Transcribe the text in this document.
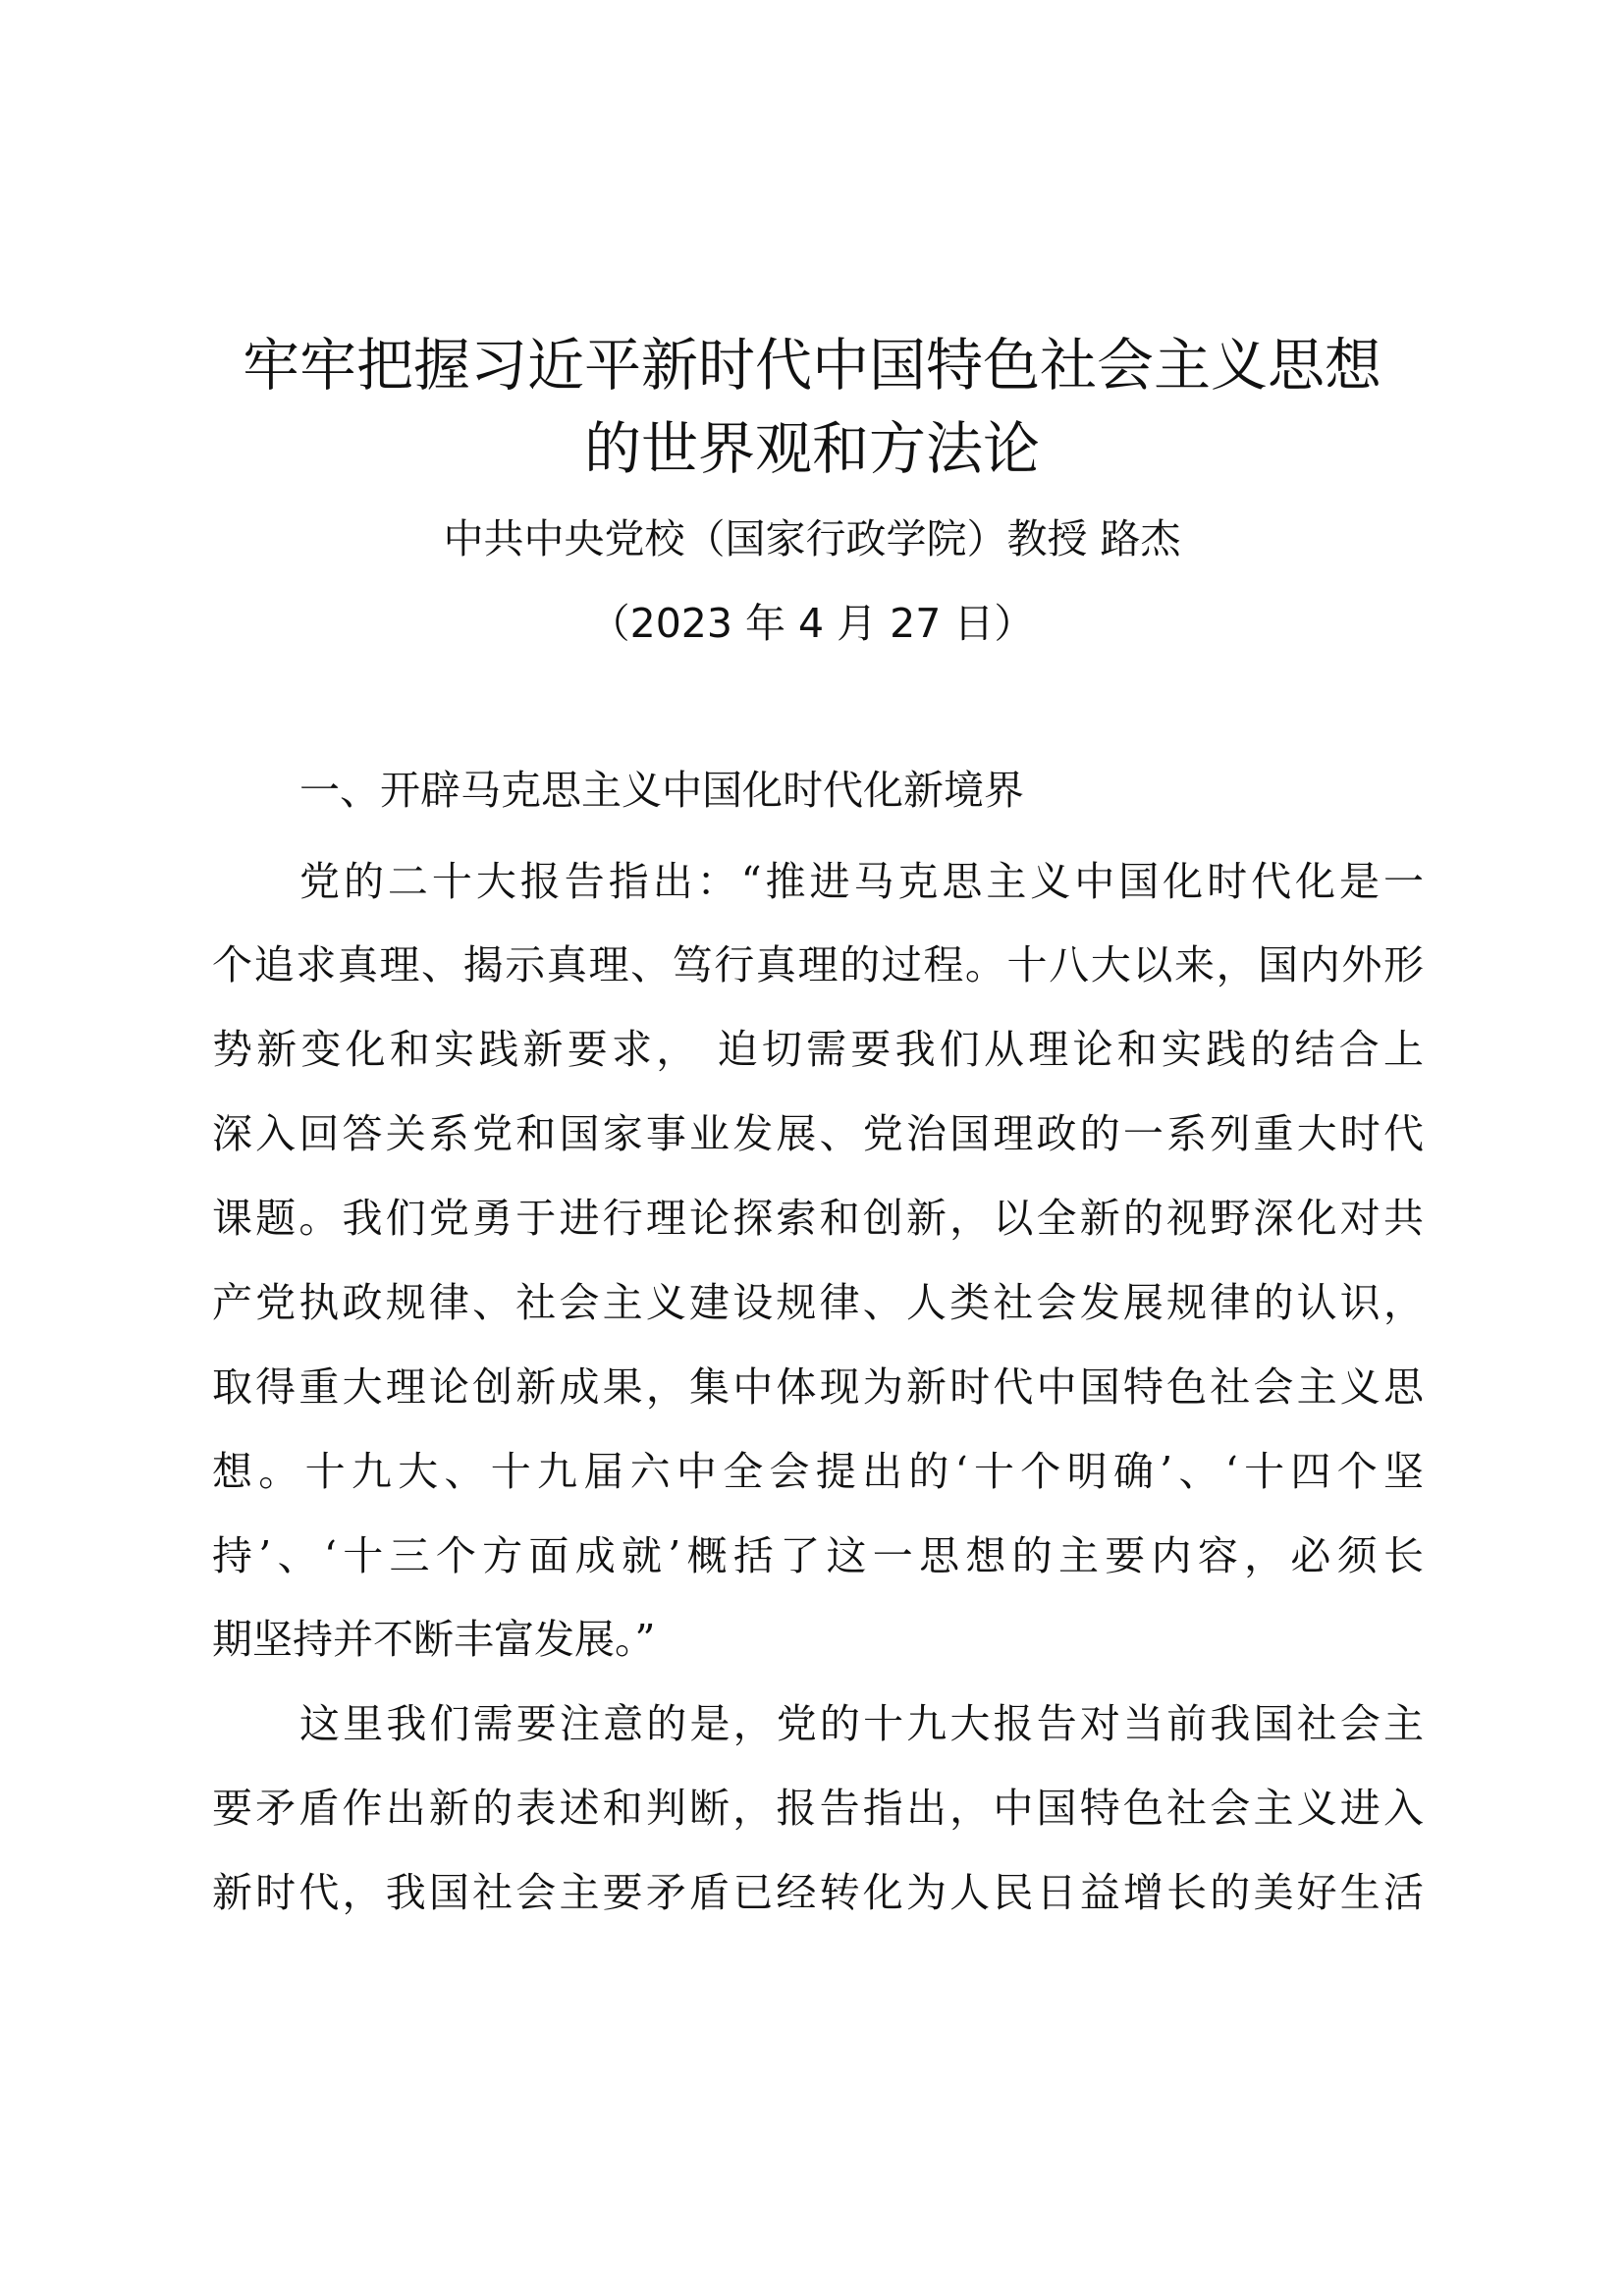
牢牢把握习近平新时代中国特色社会主义思想
的世界观和方法论
中共中央党校（国家行政学院）教授 路杰
（2023 年 4 月 27 日）
一、开辟马克思主义中国化时代化新境界
党的二十大报告指出：“推进马克思主义中国化时代化是一
个追求真理、揭示真理、笃行真理的过程。十八大以来，国内外形
势新变化和实践新要求， 迫切需要我们从理论和实践的结合上
深入回答关系党和国家事业发展、党治国理政的一系列重大时代
课题。我们党勇于进行理论探索和创新，以全新的视野深化对共
产党执政规律、社会主义建设规律、人类社会发展规律的认识，
取得重大理论创新成果，集中体现为新时代中国特色社会主义思
想。十九大、十九届六中全会提出的‘十个明确’、‘十四个坚
持’、‘十三个方面成就’概括了这一思想的主要内容，必须长
期坚持并不断丰富发展。”
这里我们需要注意的是，党的十九大报告对当前我国社会主
要矛盾作出新的表述和判断，报告指出，中国特色社会主义进入
新时代，我国社会主要矛盾已经转化为人民日益增长的美好生活
